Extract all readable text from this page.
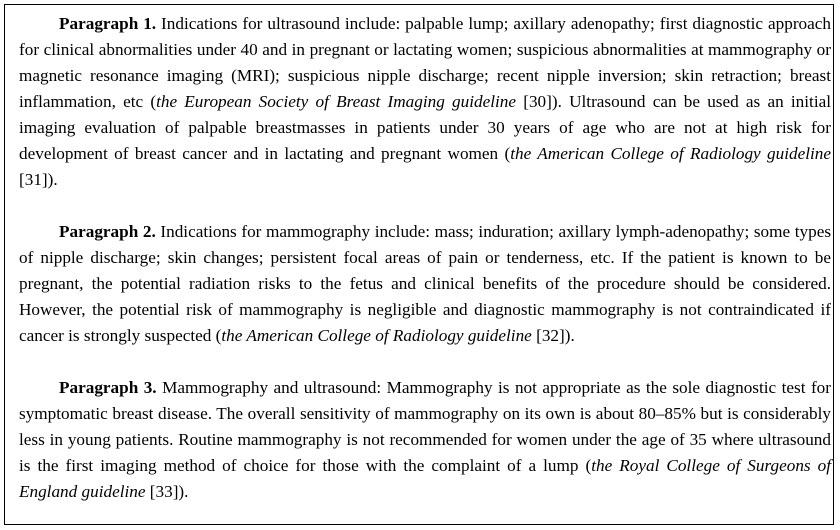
Paragraph 1. Indications for ultrasound include: palpable lump; axillary adenopathy; first diagnostic approach for clinical abnormalities under 40 and in pregnant or lactating women; suspicious abnormalities at mammography or magnetic resonance imaging (MRI); suspicious nipple discharge; recent nipple inversion; skin retraction; breast inflammation, etc (the European Society of Breast Imaging guideline [30]). Ultrasound can be used as an initial imaging evaluation of palpable breastmasses in patients under 30 years of age who are not at high risk for development of breast cancer and in lactating and pregnant women (the American College of Radiology guideline [31]).

Paragraph 2. Indications for mammography include: mass; induration; axillary lymph-adenopathy; some types of nipple discharge; skin changes; persistent focal areas of pain or tenderness, etc. If the patient is known to be pregnant, the potential radiation risks to the fetus and clinical benefits of the procedure should be considered. However, the potential risk of mammography is negligible and diagnostic mammography is not contraindicated if cancer is strongly suspected (the American College of Radiology guideline [32]).

Paragraph 3. Mammography and ultrasound: Mammography is not appropriate as the sole diagnostic test for symptomatic breast disease. The overall sensitivity of mammography on its own is about 80–85% but is considerably less in young patients. Routine mammography is not recommended for women under the age of 35 where ultrasound is the first imaging method of choice for those with the complaint of a lump (the Royal College of Surgeons of England guideline [33]).
